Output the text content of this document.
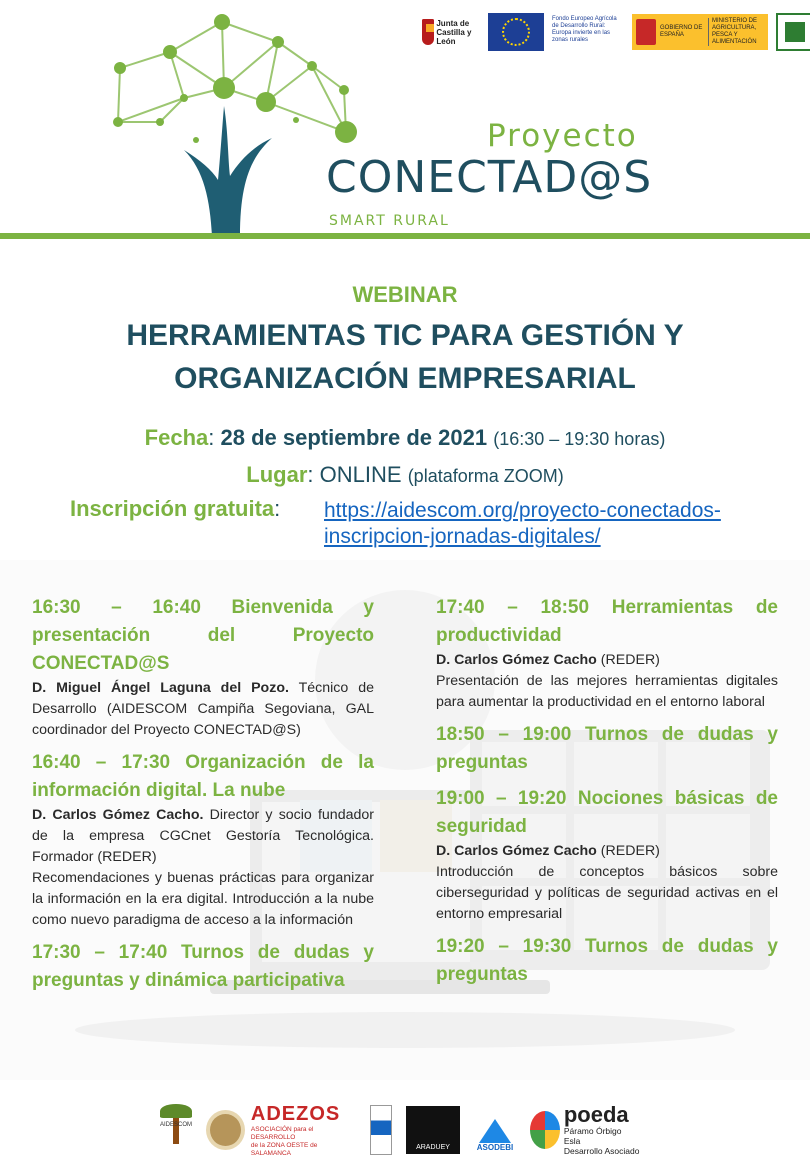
Junta de
Castilla y León
Fondo Europeo Agrícola de Desarrollo Rural: Europa invierte en las zonas rurales
GOBIERNO DE ESPAÑA
MINISTERIO DE AGRICULTURA, PESCA Y ALIMENTACIÓN
Proyecto
CONECTAD@S
SMART RURAL
WEBINAR
HERRAMIENTAS TIC PARA GESTIÓN Y
ORGANIZACIÓN EMPRESARIAL
Fecha: 28 de septiembre de 2021 (16:30 – 19:30 horas)
Lugar: ONLINE (plataforma ZOOM)
Inscripción gratuita:	https://aidescom.org/proyecto-conectados-
inscripcion-jornadas-digitales/
16:30 – 16:40 Bienvenida y presentación del Proyecto CONECTAD@S
D. Miguel Ángel Laguna del Pozo. Técnico de Desarrollo (AIDESCOM Campiña Segoviana, GAL coordinador del Proyecto CONECTAD@S)
16:40 – 17:30 Organización de la información digital. La nube
D. Carlos Gómez Cacho. Director y socio fundador de la empresa CGCnet Gestoría Tecnológica. Formador (REDER)
Recomendaciones y buenas prácticas para organizar la información en la era digital. Introducción a la nube como nuevo paradigma de acceso a la información
17:30 – 17:40 Turnos de dudas y preguntas y dinámica participativa
17:40 – 18:50 Herramientas de productividad
D. Carlos Gómez Cacho (REDER)
Presentación de las mejores herramientas digitales para aumentar la productividad en el entorno laboral
18:50 – 19:00 Turnos de dudas y preguntas
19:00 – 19:20 Nociones básicas de seguridad
D. Carlos Gómez Cacho (REDER)
Introducción de conceptos básicos sobre ciberseguridad y políticas de seguridad activas en el entorno empresarial
19:20 – 19:30 Turnos de dudas y preguntas
AIDESCOM
ADEZOS
ASOCIACIÓN para el DESARROLLO
de la ZONA OESTE de SALAMANCA
ARADUEY	ASODEBI
poeda
Páramo Órbigo Esla
Desarrollo Asociado
